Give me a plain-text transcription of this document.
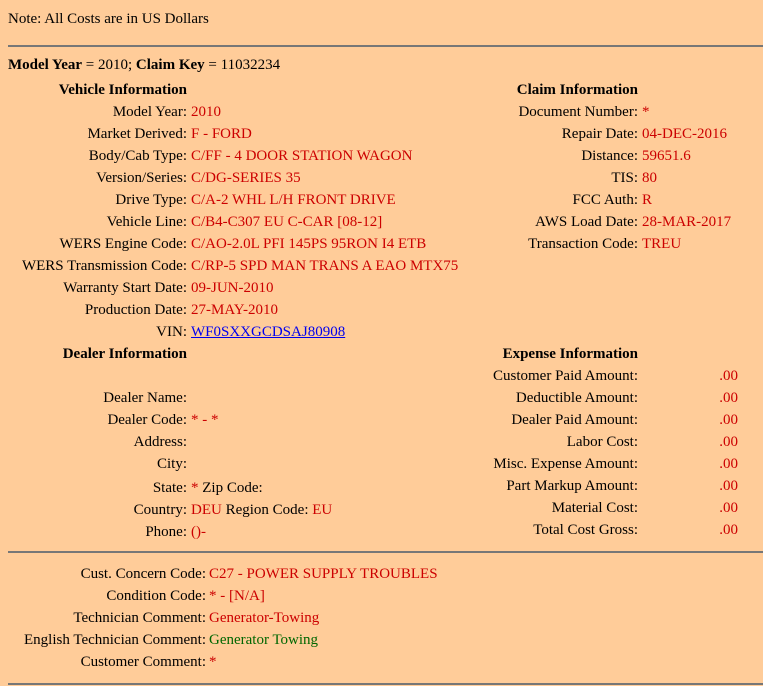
Note: All Costs are in US Dollars
Model Year = 2010; Claim Key = 11032234
Vehicle Information
Model Year: 2010
Market Derived: F - FORD
Body/Cab Type: C/FF - 4 DOOR STATION WAGON
Version/Series: C/DG-SERIES 35
Drive Type: C/A-2 WHL L/H FRONT DRIVE
Vehicle Line: C/B4-C307 EU C-CAR [08-12]
WERS Engine Code: C/AO-2.0L PFI 145PS 95RON I4 ETB
WERS Transmission Code: C/RP-5 SPD MAN TRANS A EAO MTX75
Warranty Start Date: 09-JUN-2010
Production Date: 27-MAY-2010
VIN: WF0SXXGCDSAJ80908
Claim Information
Document Number: *
Repair Date: 04-DEC-2016
Distance: 59651.6
TIS: 80
FCC Auth: R
AWS Load Date: 28-MAR-2017
Transaction Code: TREU
Dealer Information
Dealer Name:
Dealer Code: * - *
Address:
City:
State: * Zip Code:
Country: DEU Region Code: EU
Phone: ()-
Expense Information
Customer Paid Amount:	.00
Deductible Amount:	.00
Dealer Paid Amount:	.00
Labor Cost:	.00
Misc. Expense Amount:	.00
Part Markup Amount:	.00
Material Cost:	.00
Total Cost Gross:	.00
Cust. Concern Code: C27 - POWER SUPPLY TROUBLES
Condition Code: * - [N/A]
Technician Comment: Generator-Towing
English Technician Comment: Generator Towing
Customer Comment: *
